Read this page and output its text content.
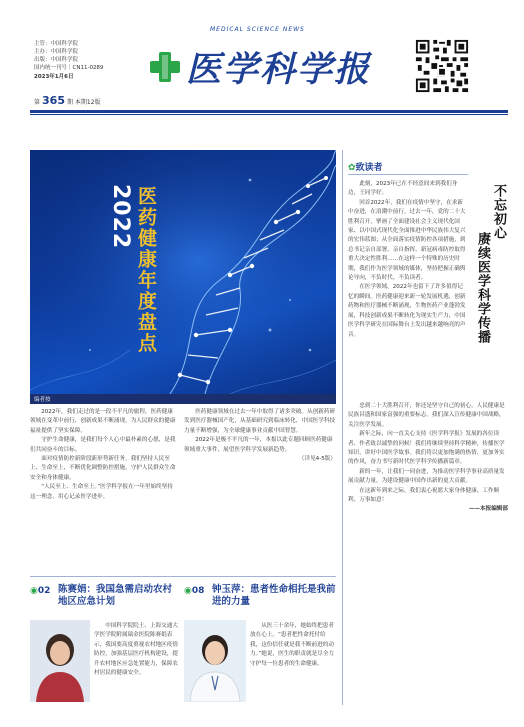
主管：中国科学院
主办：中国科学院
出版：中国科学院
国内统一刊号｜CN11-0289
2023年1月6日
第 365 期 本期12版
MEDICAL SCIENCE NEWS
医学科学报
2022 医药健康年度盘点
编者按

2022年，我们走过的是一段不平凡的旅程。医药健康领域在变革中前行，创新成果不断涌现，为人民群众的健康福祉提供了坚实保障。

守护生命健康，是我们每个人心中最朴素的心愿，是我们共同奋斗的目标。

面对疫情防控新阶段新形势新任务，我们坚持人民至上、生命至上，不断优化调整防控措施，守护人民群众生命安全和身体健康。

“人民至上、生命至上。”医学科学报在一年里始终坚持这一理念，用心记录医学进步。

医药健康领域在过去一年中取得了诸多突破。从创新药研发到医疗器械国产化，从基础研究到临床转化，中国医学科技力量不断增强，为全球健康事业贡献中国智慧。

2022年是极不平凡的一年，本报以此专题回顾医药健康领域重大事件，展望医学科学发展新趋势。

（详见4-5版）

◉02 陈赛娟：我国急需启动农村地区应急计划

中国科学院院士、上海交通大学医学院附属瑞金医院陈赛娟表示，我国要高度重视农村地区疫情防控，加强基层医疗机构建设，提升农村地区应急处置能力，保障农村居民的健康安全。

◉08 钟玉萍：患者性命相托是我前进的力量

从医三十余年，她始终把患者放在心上。“患者把性命托付给我，这份信任就是我不断前进的动力。”她说，医生的职责就是尽全力守护每一位患者的生命健康。

✿致读者

此刻，2023年已在不经意间来到我们身边，王同学好。

回首2022年，我们在疫情中坚守，在求新中奋进，在浪潮中前行。过去一年，党的二十大胜利召开，擘画了全面建设社会主义现代化国家、以中国式现代化全面推进中华民族伟大复兴的宏伟蓝图；从全面落实疫情防控各项措施，到总书记亲自部署、亲自指挥，新冠病毒防控取得重大决定性胜利……在这样一个特殊的历史时期，我们作为医学领域的媒体，坚持把握正确舆论导向，不负时代、不负读者。

在医学领域，2022年也留下了许多值得记忆的瞬间。医药健康迎来新一轮发展机遇，创新药物和医疗器械不断涌现，生物医药产业蓬勃发展，科技创新成果不断转化为现实生产力，中国医学科学研究在国际舞台上发出越来越响亮的声音。

不忘初心
赓续医学科学传播

忠到二十大胜利召开，你还是坚守自己的初心。人民健康是民族昌盛和国家富强的重要标志。我们深入宣传健康中国战略，关注医学发展。

新年之际，向一直关心支持《医学科学报》发展的各位读者、作者致以诚挚的问候！我们将继续坚持科学精神，传播医学知识，讲好中国医学故事。我们将以更加饱满的热情、更加务实的作风，奋力书写新时代医学科学传播新篇章。

新的一年，让我们一同奋进，为推动医学科学事业高质量发展贡献力量，为建设健康中国作出新的更大贡献。

在这新年到来之际，我们衷心祝愿大家身体健康、工作顺利、万事如意！

——本报编辑部
